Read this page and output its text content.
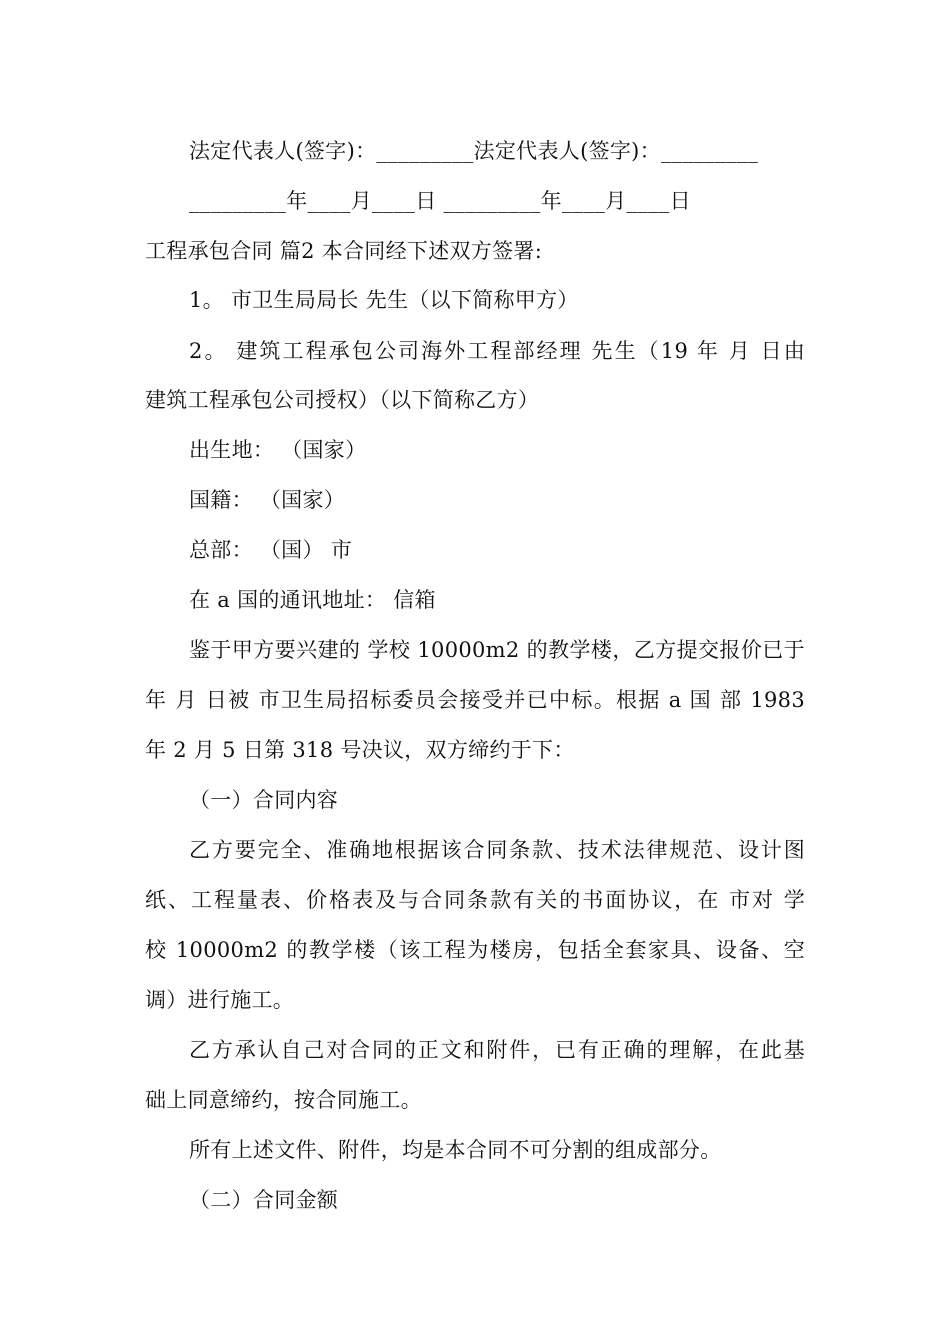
法定代表人(签字)：_________法定代表人(签字)：_________
_________年____月____日 _________年____月____日
工程承包合同 篇2 本合同经下述双方签署:
1。 市卫生局局长 先生（以下简称甲方）
2。 建筑工程承包公司海外工程部经理 先生（19 年 月 日由
建筑工程承包公司授权）（以下简称乙方）
出生地： （国家）
国籍： （国家）
总部： （国） 市
在 a 国的通讯地址： 信箱
鉴于甲方要兴建的 学校 10000m2 的教学楼，乙方提交报价已于
年 月 日被 市卫生局招标委员会接受并已中标。根据 a 国 部 1983
年 2 月 5 日第 318 号决议，双方缔约于下：
（一）合同内容
乙方要完全、准确地根据该合同条款、技术法律规范、设计图
纸、工程量表、价格表及与合同条款有关的书面协议，在 市对 学
校 10000m2 的教学楼（该工程为楼房，包括全套家具、设备、空
调）进行施工。
乙方承认自己对合同的正文和附件，已有正确的理解，在此基
础上同意缔约，按合同施工。
所有上述文件、附件，均是本合同不可分割的组成部分。
（二）合同金额
